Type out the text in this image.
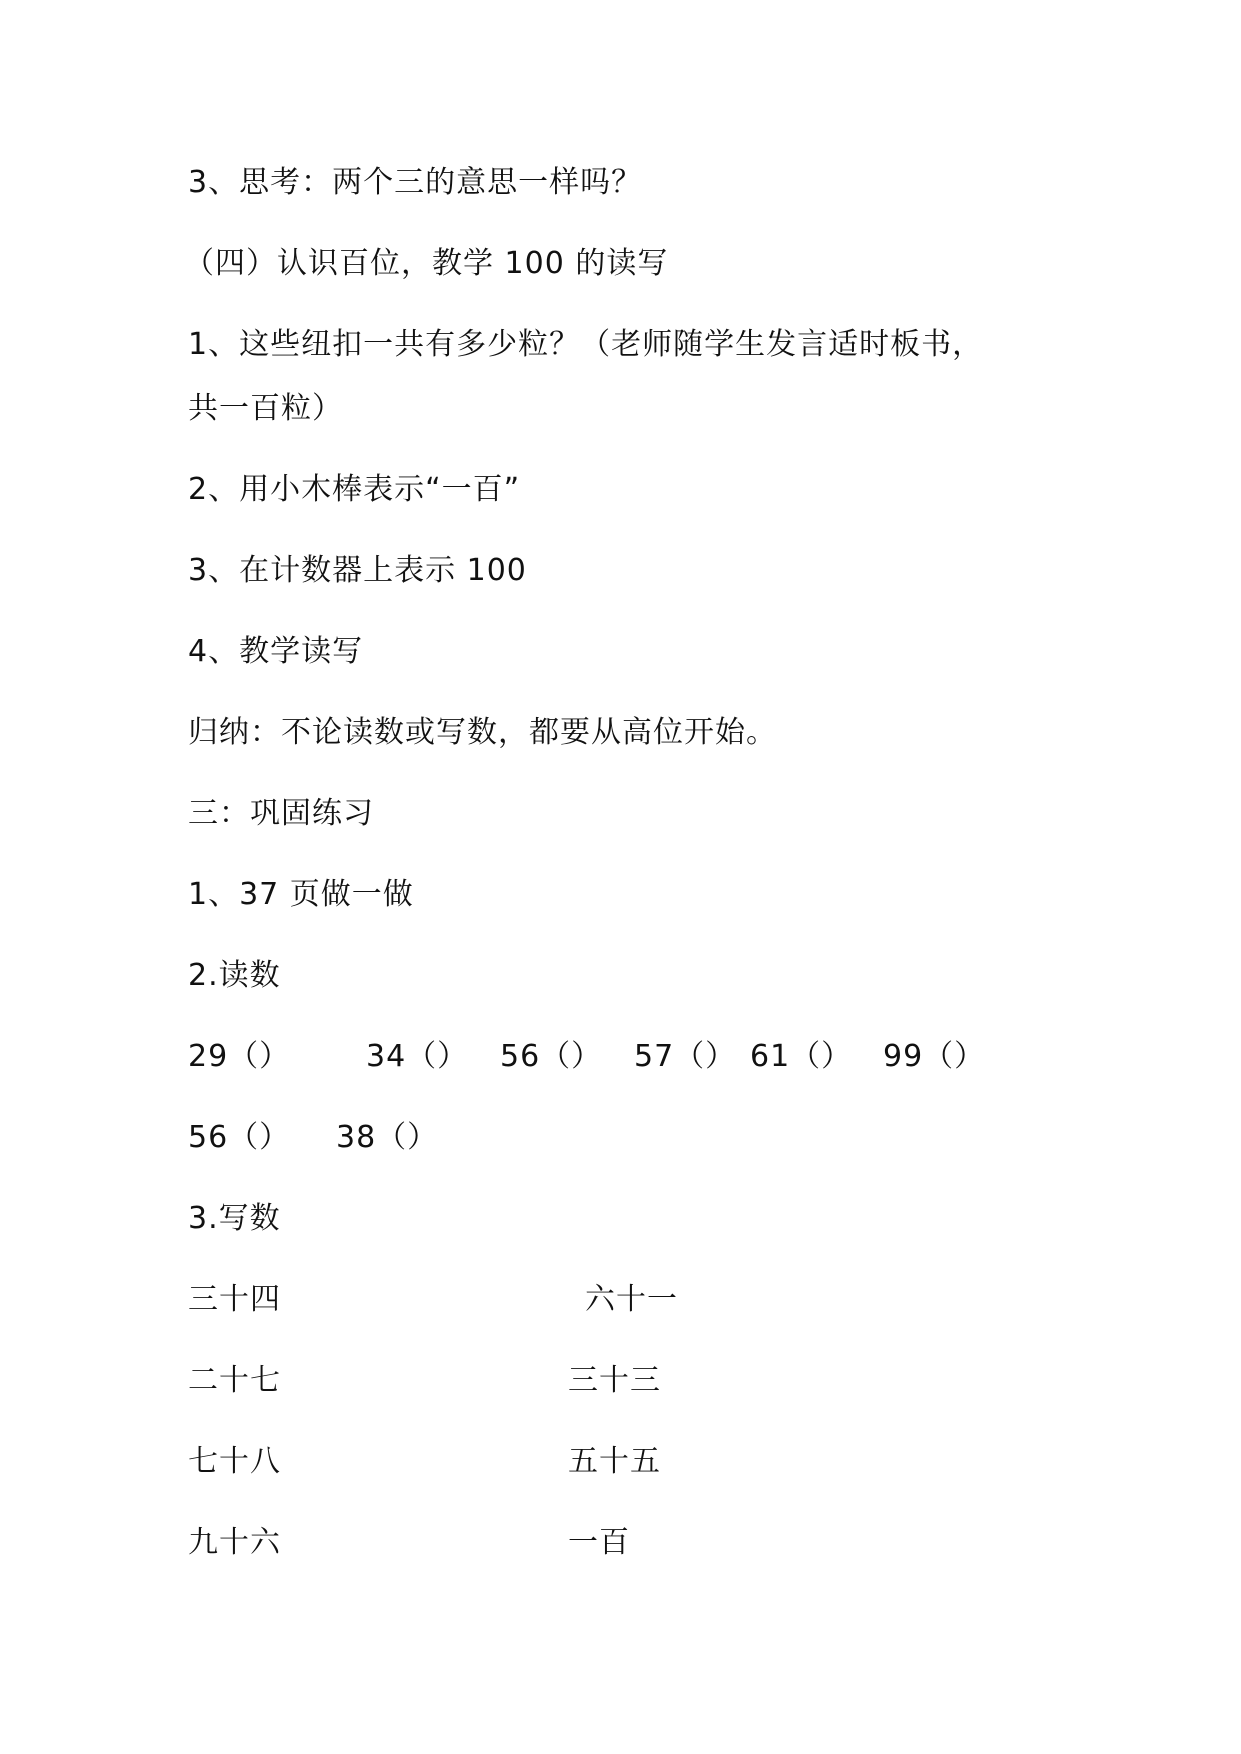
3、思考：两个三的意思一样吗？
（四）认识百位，教学 100 的读写
1、这些纽扣一共有多少粒？（老师随学生发言适时板书，
共一百粒）
2、用小木棒表示“一百”
3、在计数器上表示 100
4、教学读写
归纳：不论读数或写数，都要从高位开始。
三：巩固练习
1、37 页做一做
2.读数
29（）	34（） 56（） 57（） 61（） 99（）
56（） 38（）
3.写数
三十四	六十一
二十七	三十三
七十八	五十五
九十六	一百
